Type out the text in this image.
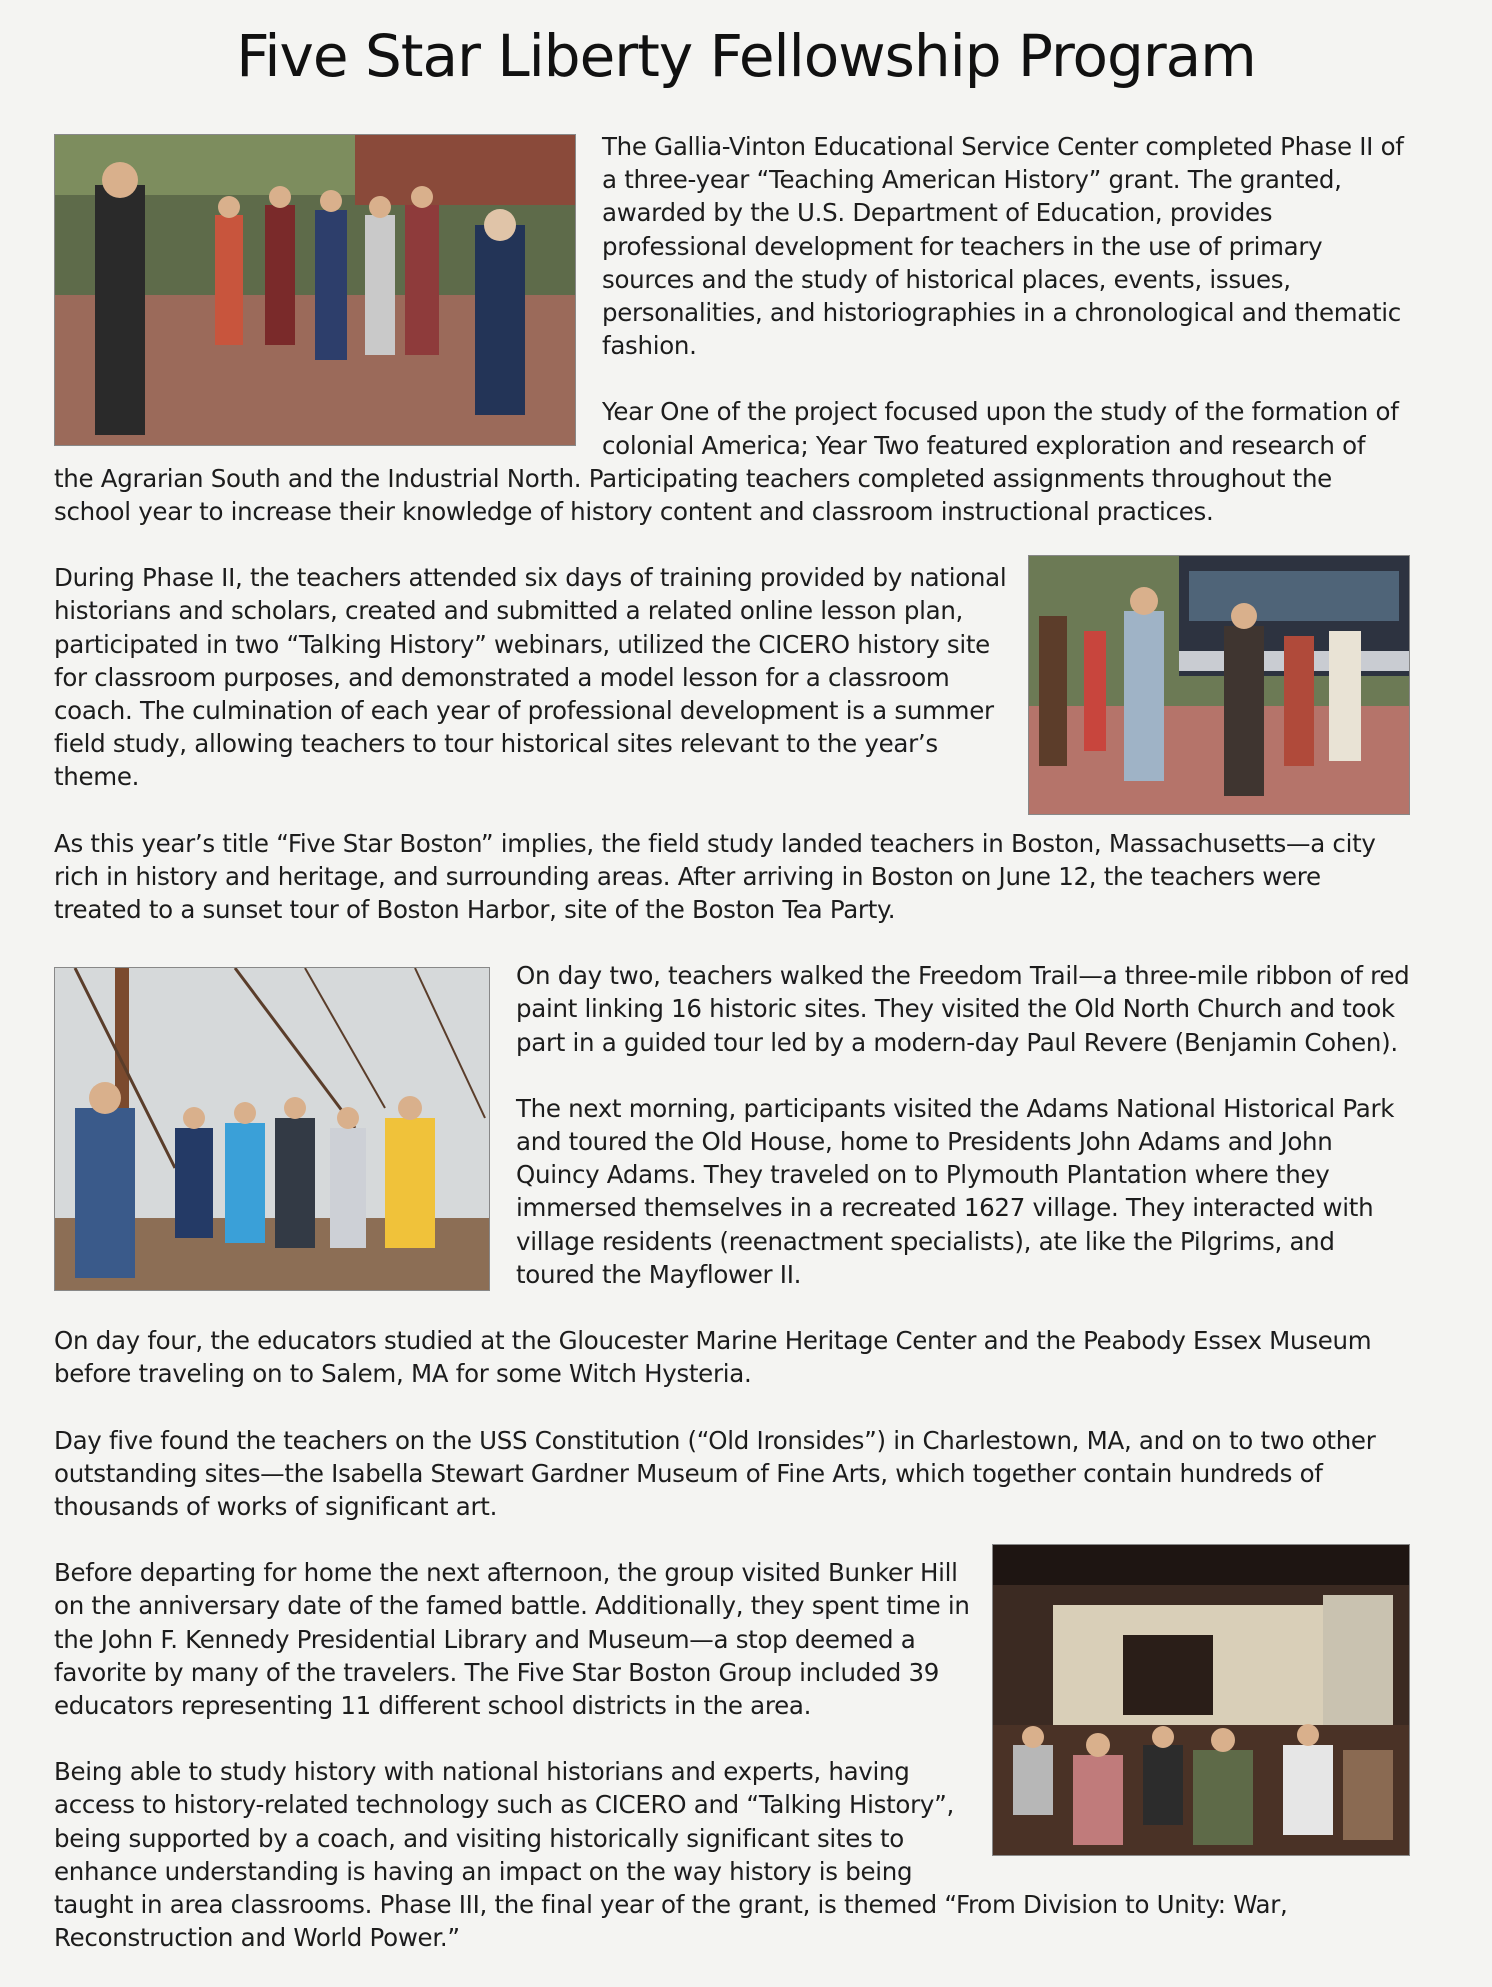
Five Star Liberty Fellowship Program

The Gallia-Vinton Educational Service Center completed Phase II of a three-year “Teaching American History” grant. The granted, awarded by the U.S. Department of Education, provides professional development for teachers in the use of primary sources and the study of historical places, events, issues, personalities, and historiographies in a chronological and thematic fashion.

Year One of the project focused upon the study of the formation of colonial America; Year Two featured exploration and research of the Agrarian South and the Industrial North. Participating teachers completed assignments throughout the school year to increase their knowledge of history content and classroom instructional practices.

During Phase II, the teachers attended six days of training provided by national historians and scholars, created and submitted a related online lesson plan, participated in two “Talking History” webinars, utilized the CICERO history site for classroom purposes, and demonstrated a model lesson for a classroom coach. The culmination of each year of professional development is a summer field study, allowing teachers to tour historical sites relevant to the year’s theme.

As this year’s title “Five Star Boston” implies, the field study landed teachers in Boston, Massachusetts—a city rich in history and heritage, and surrounding areas. After arriving in Boston on June 12, the teachers were treated to a sunset tour of Boston Harbor, site of the Boston Tea Party.

On day two, teachers walked the Freedom Trail—a three-mile ribbon of red paint linking 16 historic sites. They visited the Old North Church and took part in a guided tour led by a modern-day Paul Revere (Benjamin Cohen).

The next morning, participants visited the Adams National Historical Park and toured the Old House, home to Presidents John Adams and John Quincy Adams. They traveled on to Plymouth Plantation where they immersed themselves in a recreated 1627 village. They interacted with village residents (reenactment specialists), ate like the Pilgrims, and toured the Mayflower II.

On day four, the educators studied at the Gloucester Marine Heritage Center and the Peabody Essex Museum before traveling on to Salem, MA for some Witch Hysteria.

Day five found the teachers on the USS Constitution (“Old Ironsides”) in Charlestown, MA, and on to two other outstanding sites—the Isabella Stewart Gardner Museum of Fine Arts, which together contain hundreds of thousands of works of significant art.

Before departing for home the next afternoon, the group visited Bunker Hill on the anniversary date of the famed battle. Additionally, they spent time in the John F. Kennedy Presidential Library and Museum—a stop deemed a favorite by many of the travelers. The Five Star Boston Group included 39 educators representing 11 different school districts in the area.

Being able to study history with national historians and experts, having access to history-related technology such as CICERO and “Talking History”, being supported by a coach, and visiting historically significant sites to enhance understanding is having an impact on the way history is being taught in area classrooms. Phase III, the final year of the grant, is themed “From Division to Unity: War, Reconstruction and World Power.”
